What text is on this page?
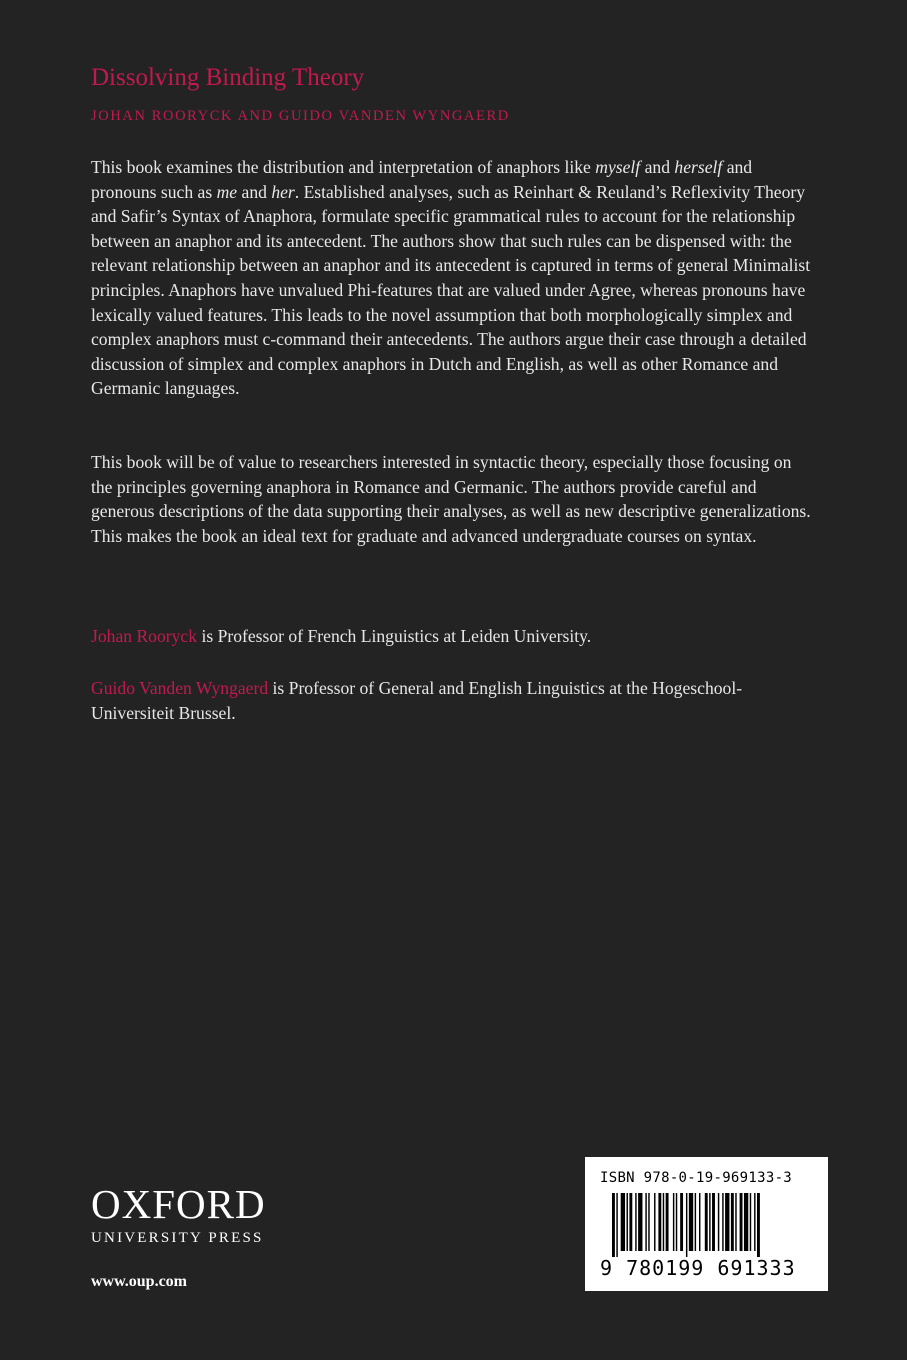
Dissolving Binding Theory
JOHAN ROORYCK AND GUIDO VANDEN WYNGAERD

This book examines the distribution and interpretation of anaphors like myself and herself and pronouns such as me and her. Established analyses, such as Reinhart & Reuland’s Reflexivity Theory and Safir’s Syntax of Anaphora, formulate specific grammatical rules to account for the relationship between an anaphor and its antecedent. The authors show that such rules can be dispensed with: the relevant relationship between an anaphor and its antecedent is captured in terms of general Minimalist principles. Anaphors have unvalued Phi-features that are valued under Agree, whereas pronouns have lexically valued features. This leads to the novel assumption that both morphologically simplex and complex anaphors must c-command their antecedents. The authors argue their case through a detailed discussion of simplex and complex anaphors in Dutch and English, as well as other Romance and Germanic languages.

This book will be of value to researchers interested in syntactic theory, especially those focusing on the principles governing anaphora in Romance and Germanic. The authors provide careful and generous descriptions of the data supporting their analyses, as well as new descriptive generalizations. This makes the book an ideal text for graduate and advanced undergraduate courses on syntax.

Johan Rooryck is Professor of French Linguistics at Leiden University.

Guido Vanden Wyngaerd is Professor of General and English Linguistics at the Hogeschool-Universiteit Brussel.

OXFORD
UNIVERSITY PRESS
www.oup.com
ISBN 978-0-19-969133-3
9 780199 691333
